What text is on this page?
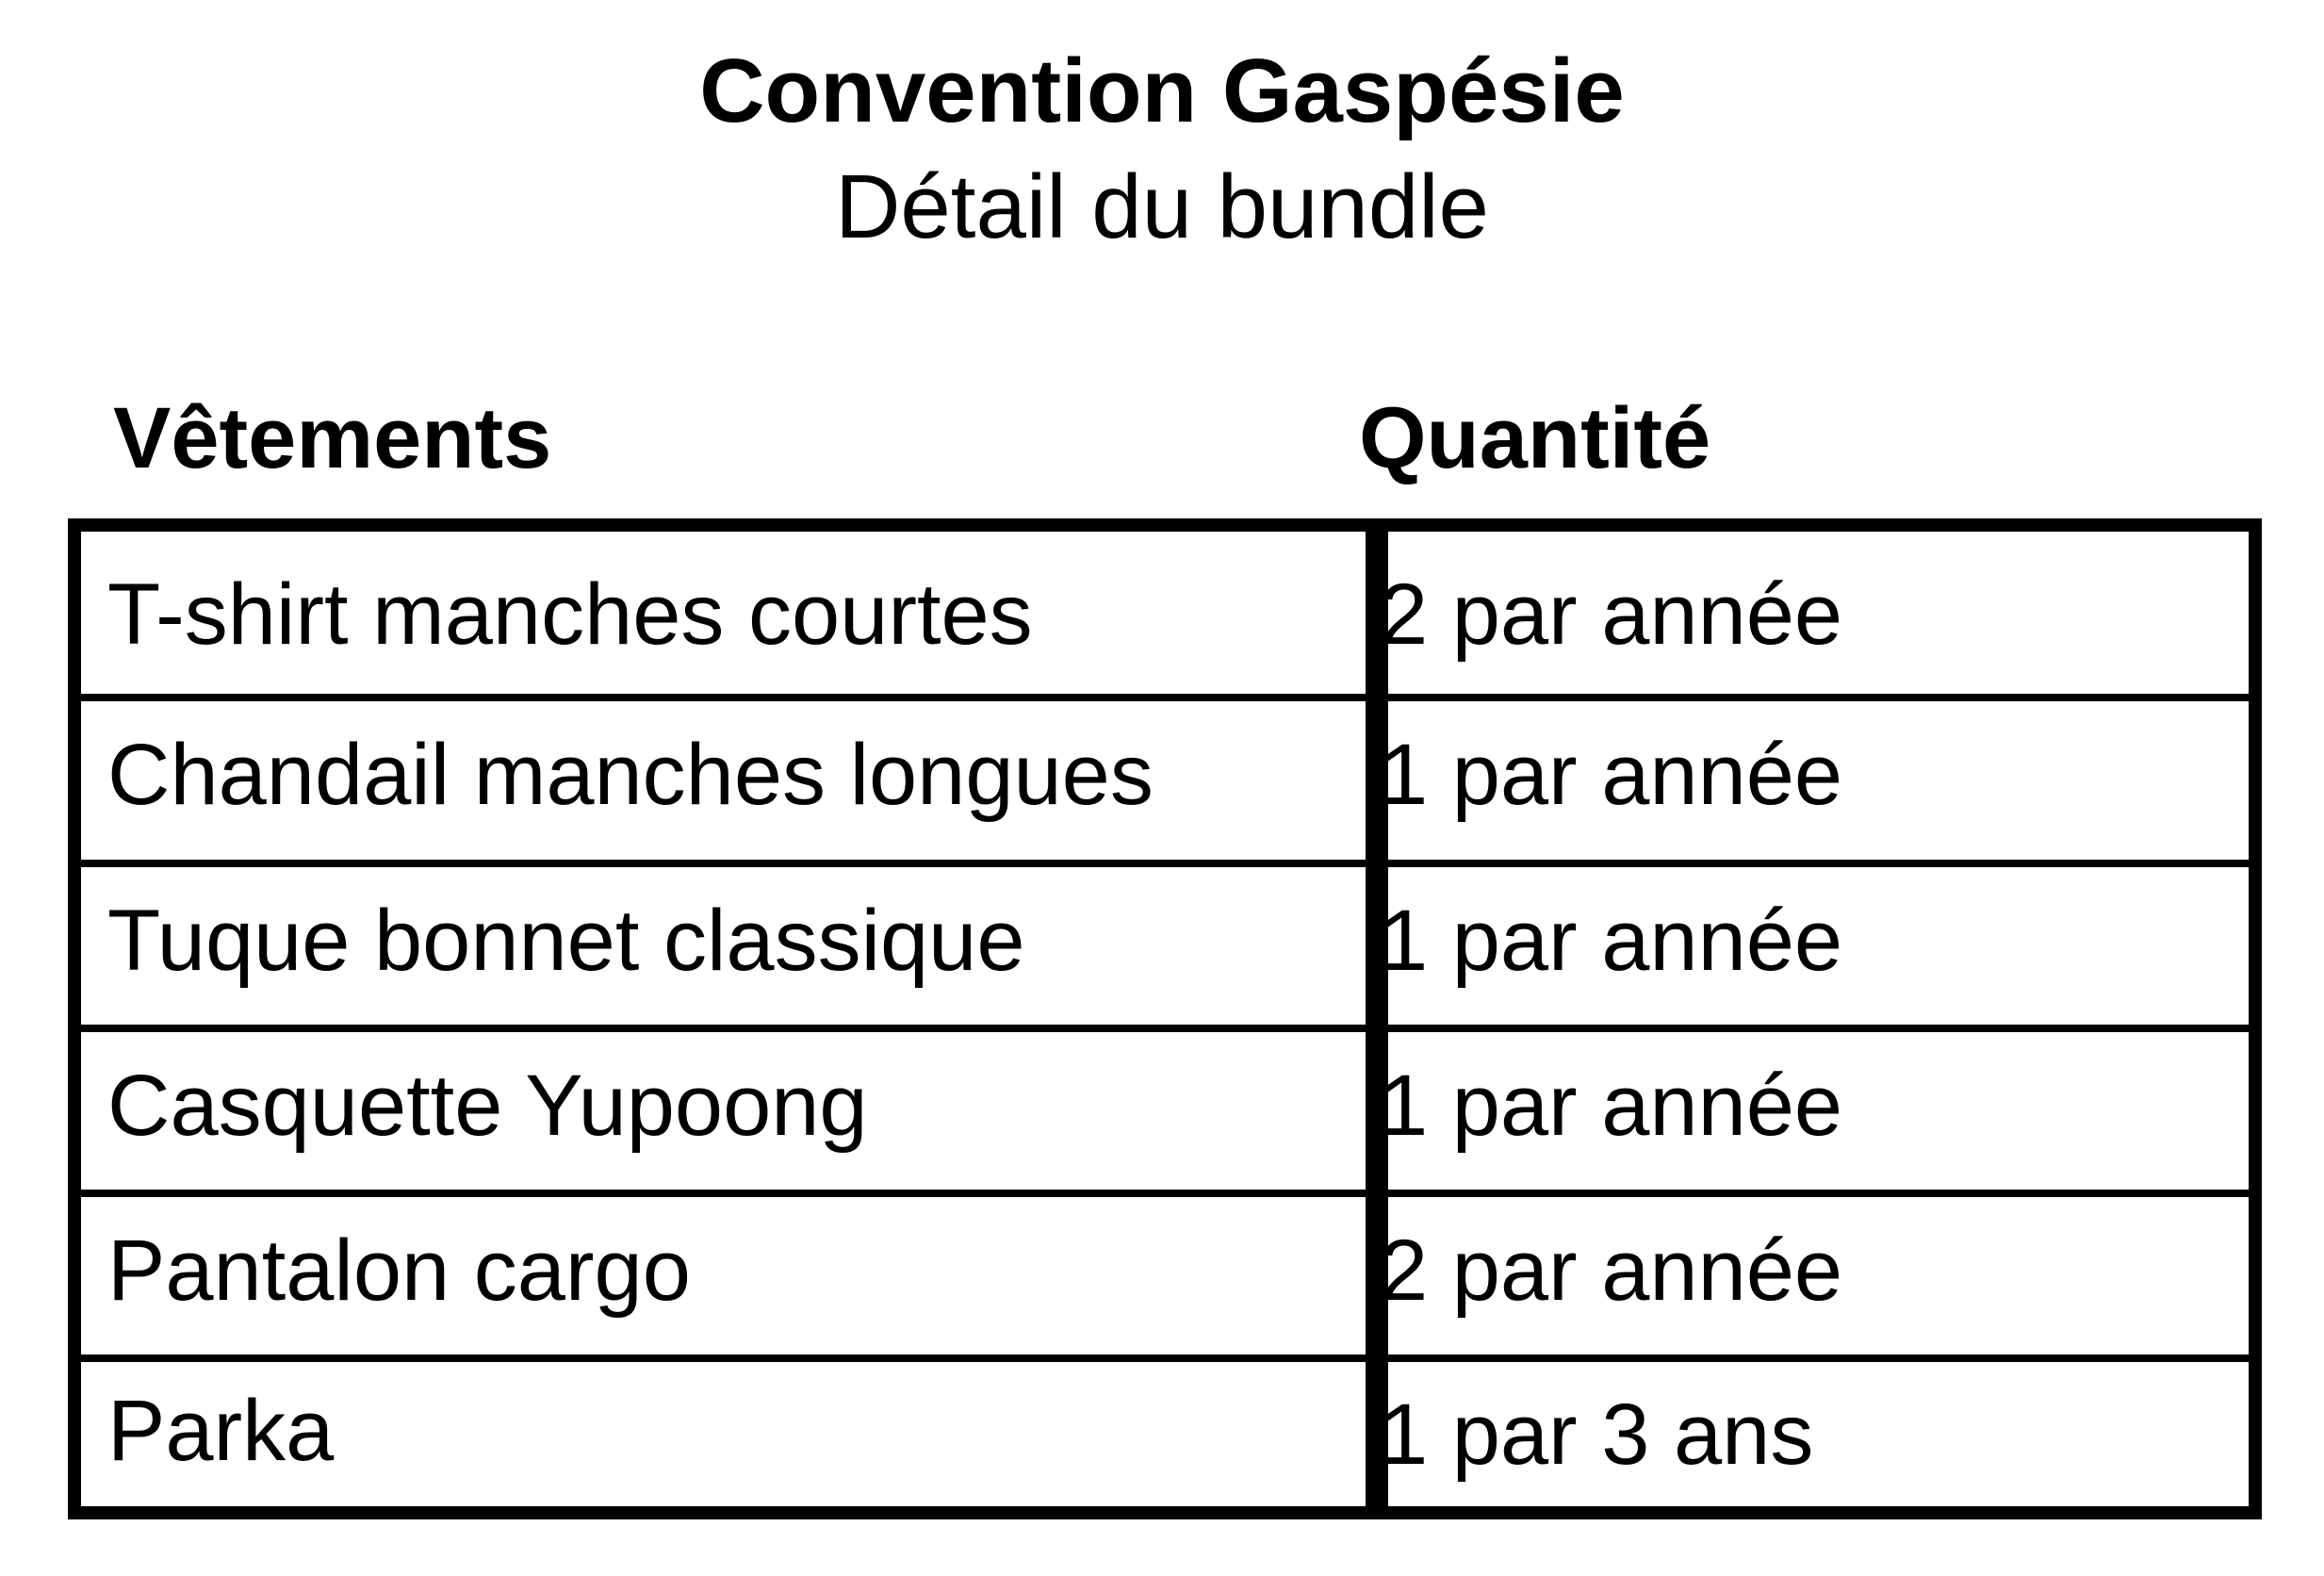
Convention Gaspésie
Détail du bundle
Vêtements	Quantité
T-shirt manches courtes	2 par année
Chandail manches longues	1 par année
Tuque bonnet classique	1 par année
Casquette Yupoong	1 par année
Pantalon cargo	2 par année
Parka	1 par 3 ans
